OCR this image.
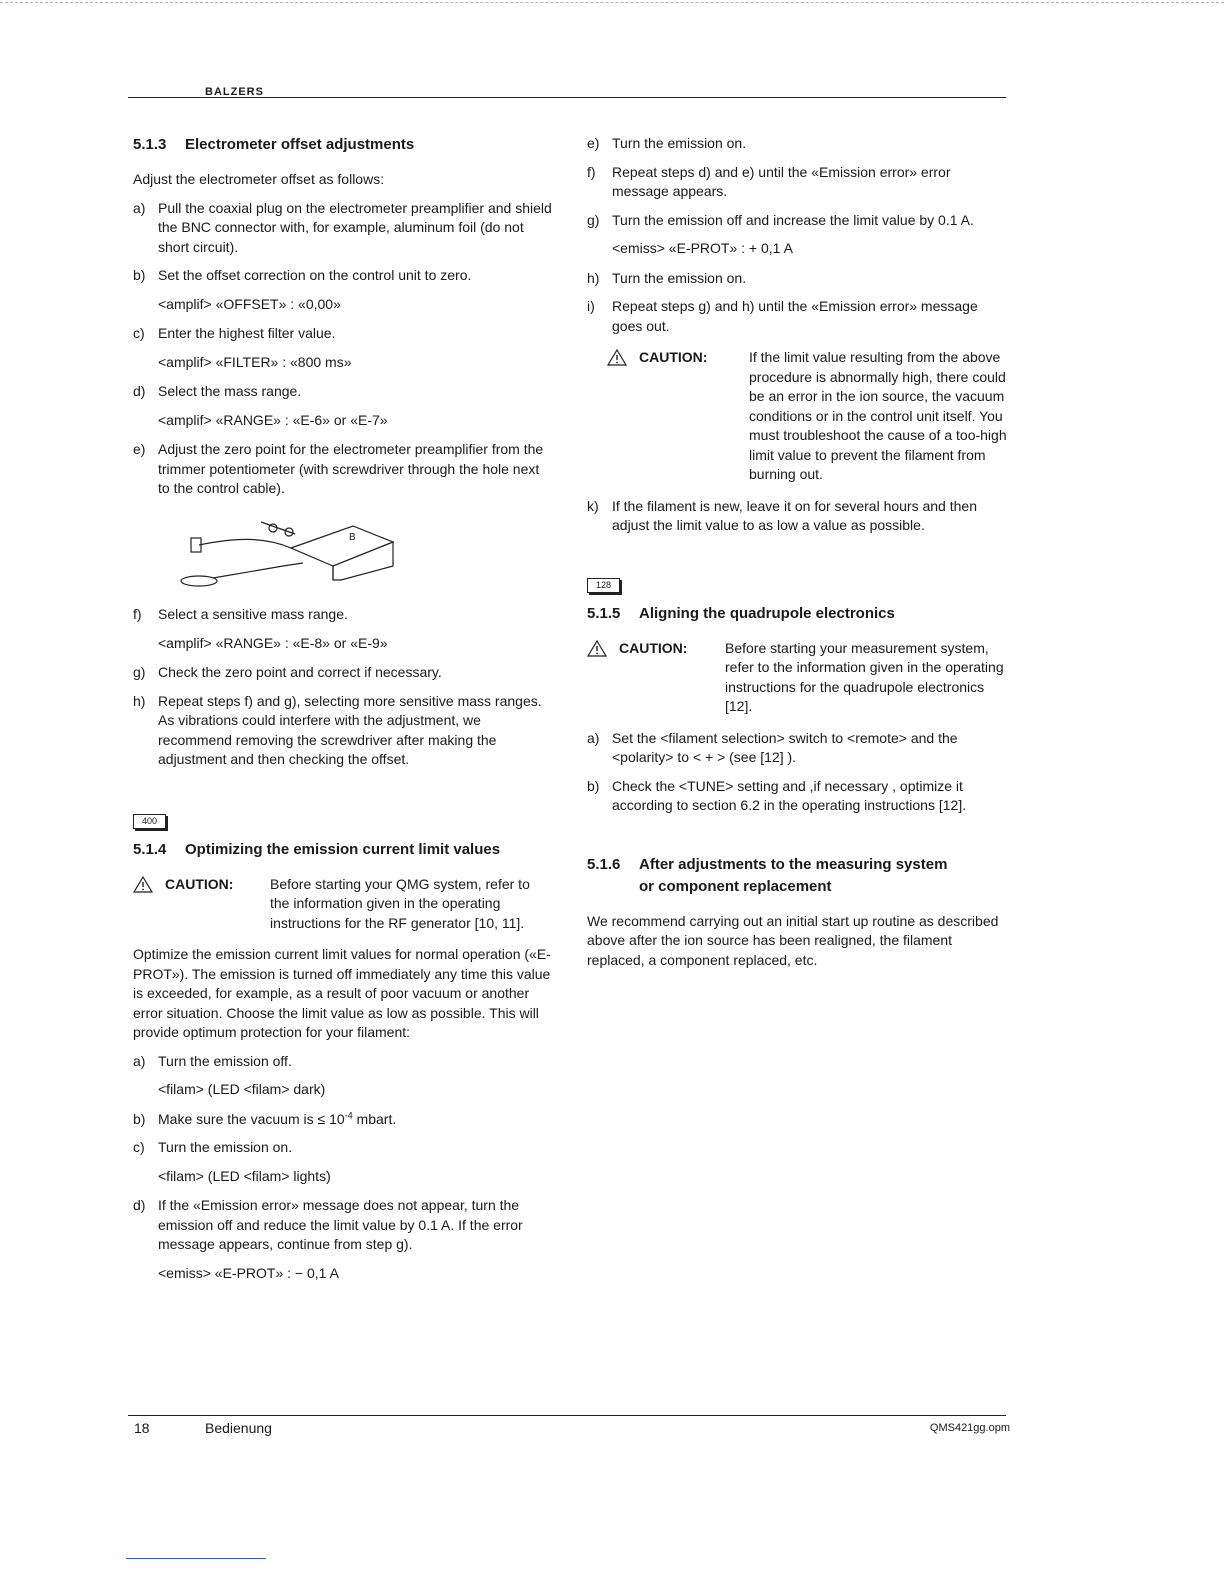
BALZERS
5.1.3 Electrometer offset adjustments

Adjust the electrometer offset as follows:

a) Pull the coaxial plug on the electrometer preamplifier and shield the BNC connector with, for example, aluminum foil (do not short circuit).
b) Set the offset correction on the control unit to zero.
<amplif> «OFFSET» : «0,00»
c) Enter the highest filter value.
<amplif> «FILTER» : «800 ms»
d) Select the mass range.
<amplif> «RANGE» : «E-6» or «E-7»
e) Adjust the zero point for the electrometer preamplifier from the trimmer potentiometer (with screwdriver through the hole next to the control cable).
B
f)	Select a sensitive mass range.
<amplif> «RANGE» : «E-8» or «E-9»
g) Check the zero point and correct if necessary.
h) Repeat steps f) and g), selecting more sensitive mass ranges. As vibrations could interfere with the adjustment, we recommend removing the screwdriver after making the adjustment and then checking the offset.
400
5.1.4 Optimizing the emission current limit values
CAUTION:	Before starting your QMG system, refer to the information given in the operating instructions for the RF generator [10, 11].

Optimize the emission current limit values for normal operation («E-PROT»). The emission is turned off immediately any time this value is exceeded, for example, as a result of poor vacuum or another error situation. Choose the limit value as low as possible. This will provide optimum protection for your filament:

a) Turn the emission off.
<filam> (LED <filam> dark)
b) Make sure the vacuum is ≤ $10^{-4}$ mbart.
c) Turn the emission on.
<filam> (LED <filam> lights)
d) If the «Emission error» message does not appear, turn the emission off and reduce the limit value by 0.1 A. If the error message appears, continue from step g).
<emiss> «E-PROT» : − 0,1 A
e) Turn the emission on.
f)	Repeat steps d) and e) until the «Emission error» error message appears.
g) Turn the emission off and increase the limit value by 0.1 A.
<emiss> «E-PROT» : + 0,1 A
h) Turn the emission on.
i)	Repeat steps g) and h) until the «Emission error» message goes out.
CAUTION:	If the limit value resulting from the above procedure is abnormally high, there could be an error in the ion source, the vacuum conditions or in the control unit itself. You must troubleshoot the cause of a too-high limit value to prevent the filament from burning out.
k) If the filament is new, leave it on for several hours and then adjust the limit value to as low a value as possible.
128
5.1.5 Aligning the quadrupole electronics
CAUTION:	Before starting your measurement system, refer to the information given in the operating instructions for the quadrupole electronics [12].
a) Set the <filament selection> switch to <remote> and the <polarity> to < + > (see [12] ).
b) Check the <TUNE> setting and ,if necessary , optimize it according to section 6.2 in the operating instructions [12].
5.1.6 After adjustments to the measuring system
or component replacement

We recommend carrying out an initial start up routine as described above after the ion source has been realigned, the filament replaced, a component replaced, etc.

18	Bedienung	QMS421gg.opm
